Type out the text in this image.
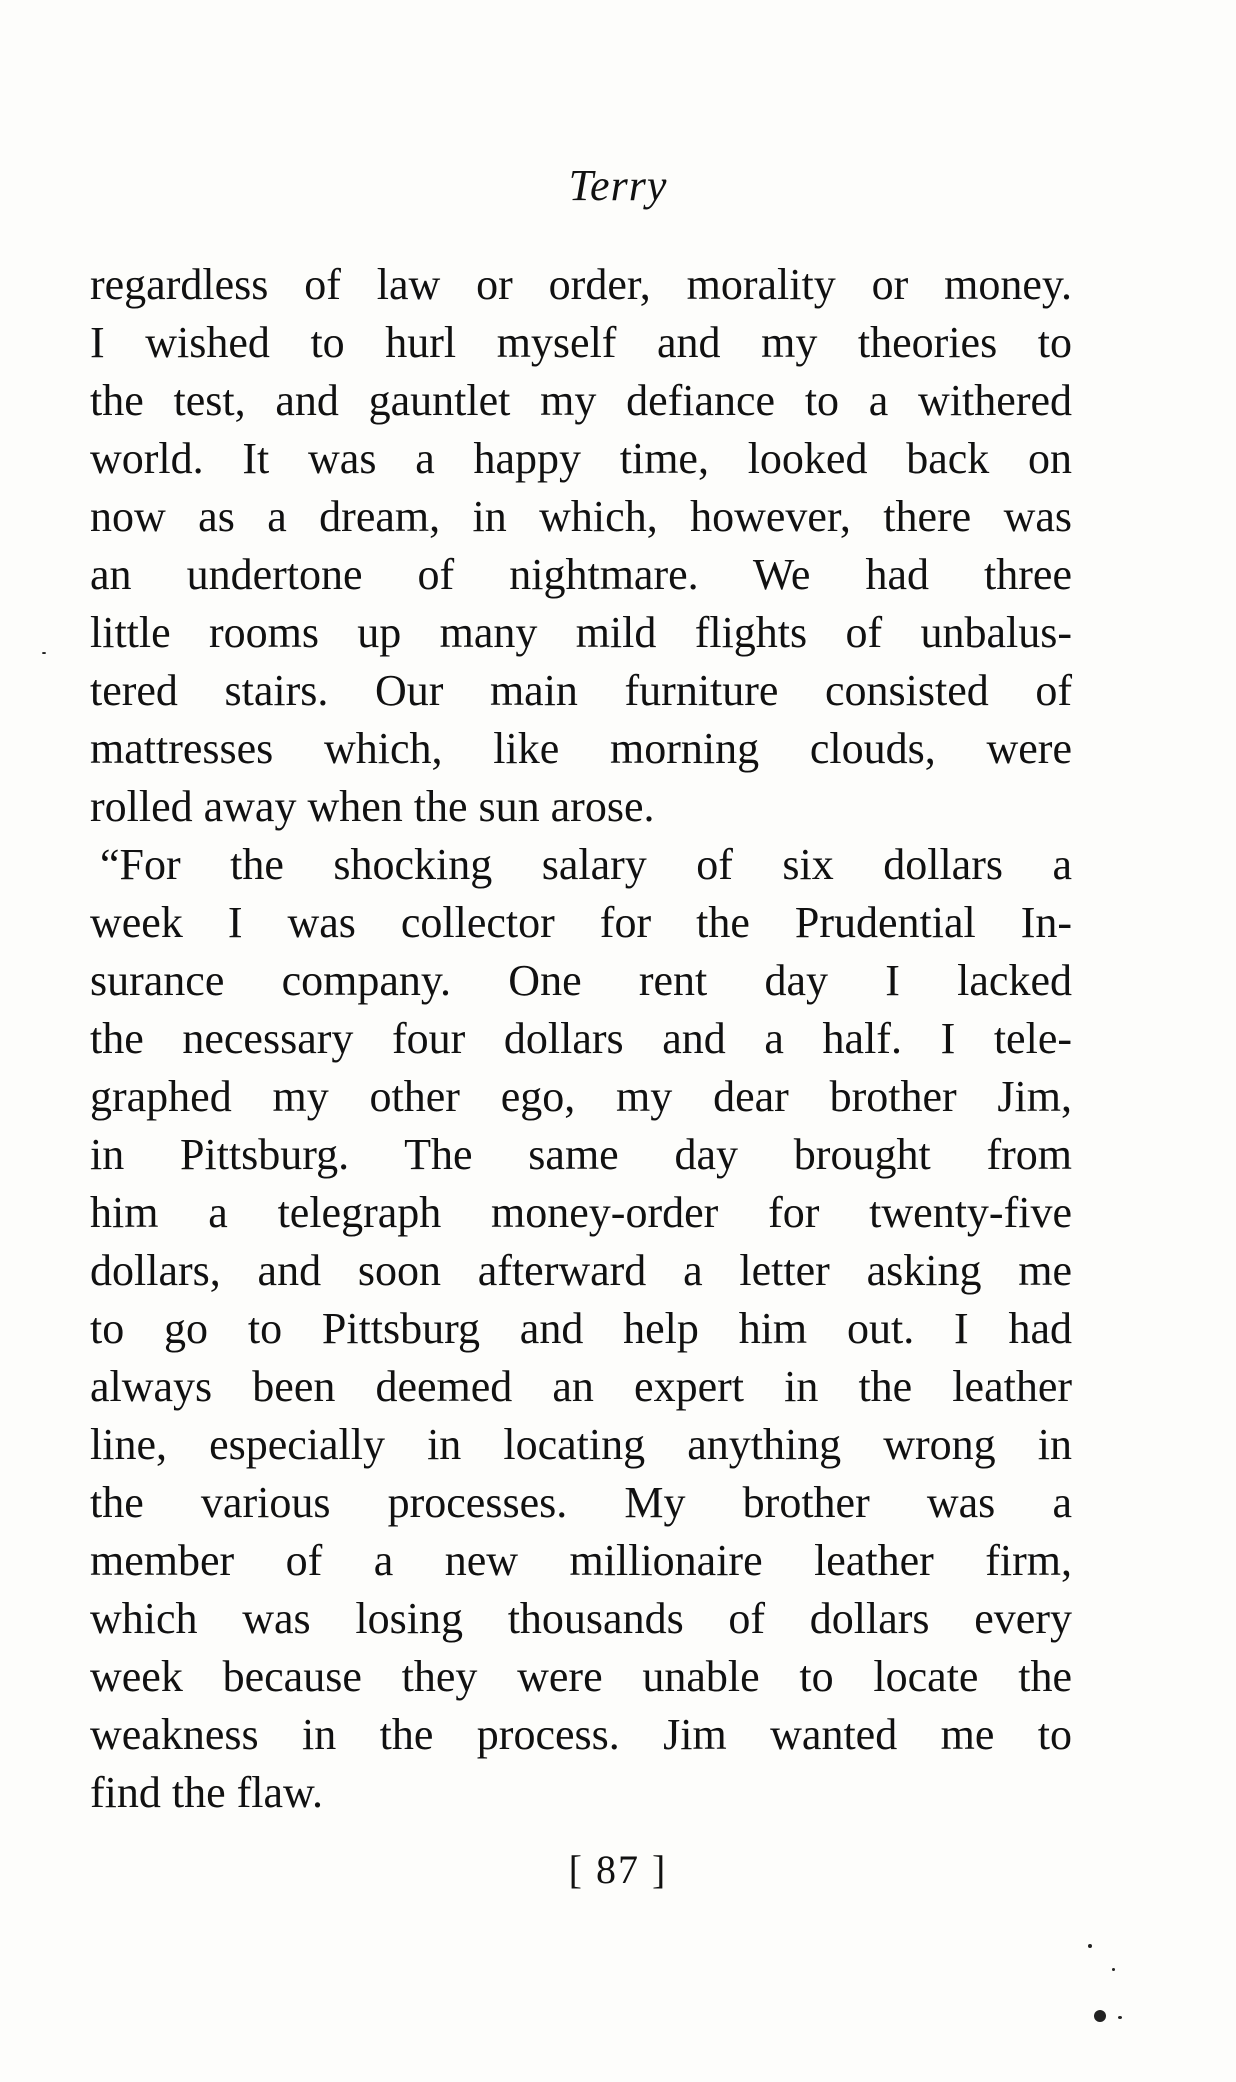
Terry
regardless of law or order, morality or money.
I wished to hurl myself and my theories to
the test, and gauntlet my defiance to a withered
world. It was a happy time, looked back on
now as a dream, in which, however, there was
an undertone of nightmare. We had three
little rooms up many mild flights of unbalus-
tered stairs. Our main furniture consisted of
mattresses which, like morning clouds, were
rolled away when the sun arose.
“For the shocking salary of six dollars a
week I was collector for the Prudential In-
surance company. One rent day I lacked
the necessary four dollars and a half. I tele-
graphed my other ego, my dear brother Jim,
in Pittsburg. The same day brought from
him a telegraph money-order for twenty-five
dollars, and soon afterward a letter asking me
to go to Pittsburg and help him out. I had
always been deemed an expert in the leather
line, especially in locating anything wrong in
the various processes. My brother was a
member of a new millionaire leather firm,
which was losing thousands of dollars every
week because they were unable to locate the
weakness in the process. Jim wanted me to
find the flaw.
[ 87 ]
